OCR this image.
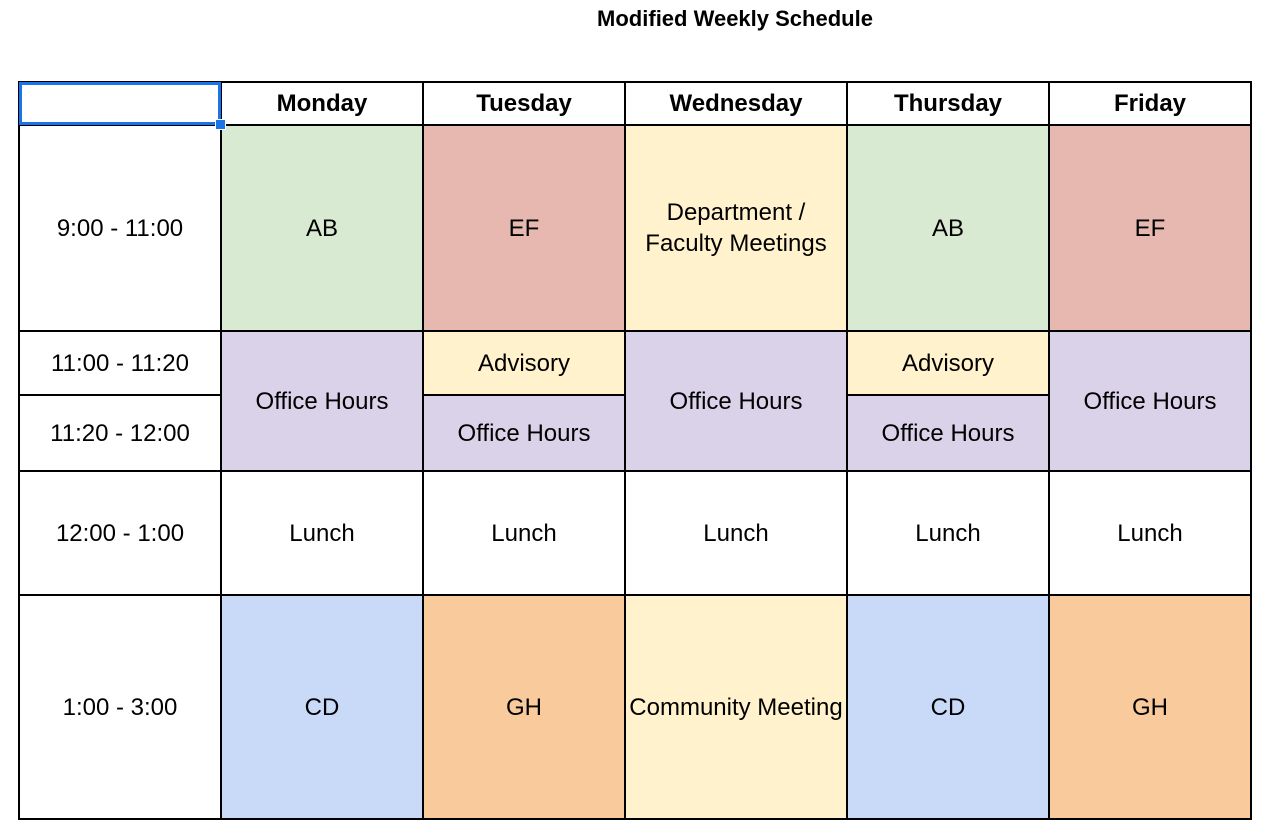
Modified Weekly Schedule
	Monday	Tuesday	Wednesday	Thursday	Friday
9:00 - 11:00	AB	EF	Department / Faculty Meetings	AB	EF
11:00 - 11:20	Office Hours	Advisory	Office Hours	Advisory	Office Hours
11:20 - 12:00		Office Hours		Office Hours	
12:00 - 1:00	Lunch	Lunch	Lunch	Lunch	Lunch
1:00 - 3:00	CD	GH	Community Meeting	CD	GH
